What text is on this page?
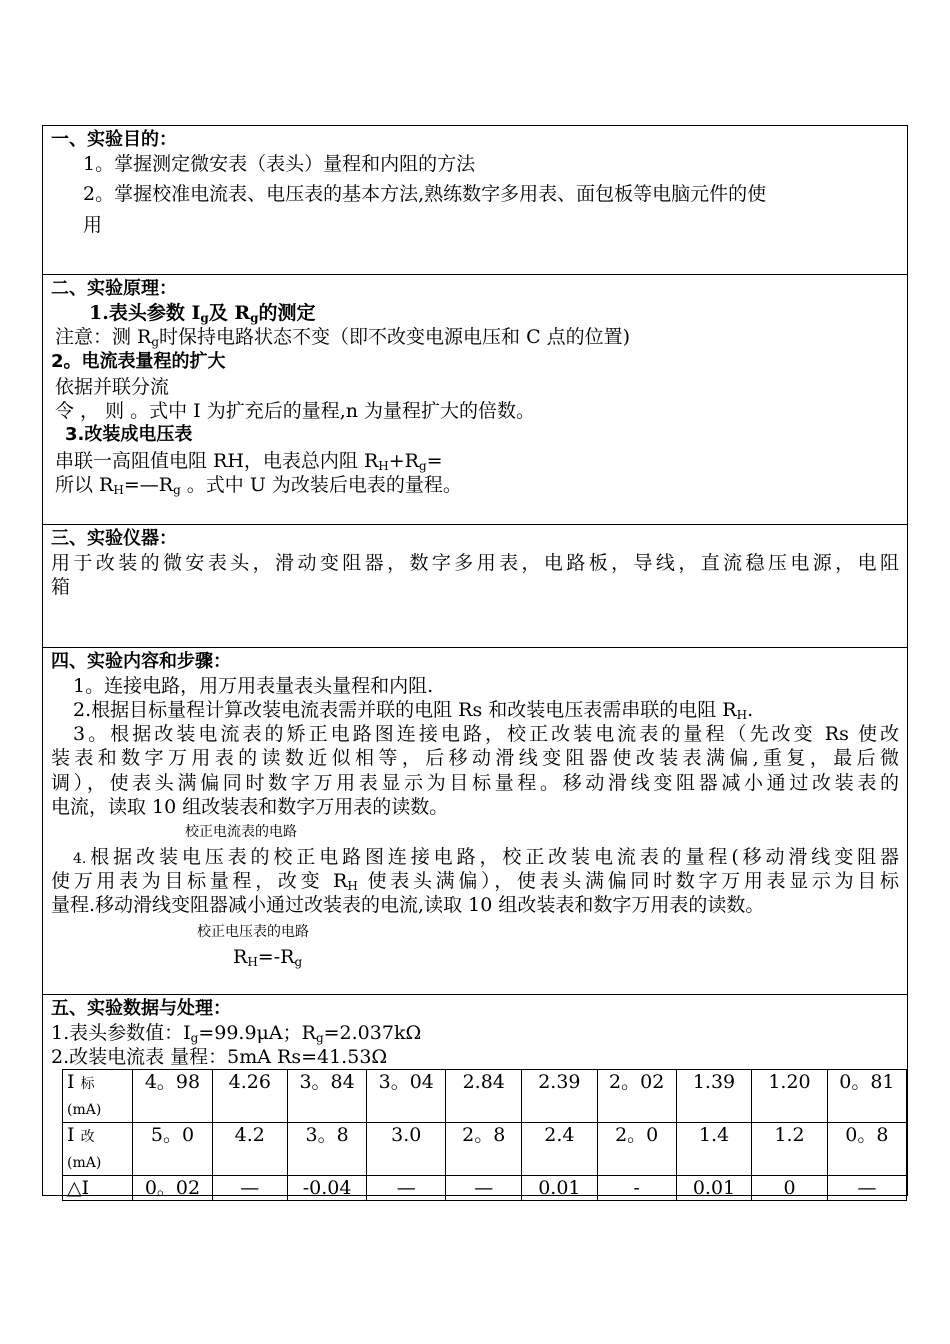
一、实验目的：
1。掌握测定微安表（表头）量程和内阻的方法
2。掌握校准电流表、电压表的基本方法,熟练数字多用表、面包板等电脑元件的使
用
二、实验原理：
1.表头参数 $I_g$及 $R_g$的测定
注意：测 $R_g$时保持电路状态不变（即不改变电源电压和 C 点的位置)
2。电流表量程的扩大
依据并联分流
令 ， 则 。式中 I 为扩充后的量程,n 为量程扩大的倍数。
3.改装成电压表
串联一高阻值电阻 RH，电表总内阻 $R_H+R_g=$
所以 $R_H=—R_g$ 。式中 U 为改装后电表的量程。
三、实验仪器：
用于改装的微安表头，滑动变阻器，数字多用表，电路板，导线，直流稳压电源，电阻
箱
四、实验内容和步骤：
1。连接电路，用万用表量表头量程和内阻.
2.根据目标量程计算改装电流表需并联的电阻 Rs 和改装电压表需串联的电阻 $R_H$.
3。根据改装电流表的矫正电路图连接电路，校正改装电流表的量程（先改变 Rs 使改
装表和数字万用表的读数近似相等，后移动滑线变阻器使改装表满偏,重复，最后微
调），使表头满偏同时数字万用表显示为目标量程。移动滑线变阻器减小通过改装表的
电流，读取 10 组改装表和数字万用表的读数。
校正电流表的电路
4.根据改装电压表的校正电路图连接电路，校正改装电流表的量程(移动滑线变阻器
使万用表为目标量程，改变 $R_H$ 使表头满偏），使表头满偏同时数字万用表显示为目标
量程.移动滑线变阻器减小通过改装表的电流,读取 10 组改装表和数字万用表的读数。
校正电压表的电路
$R_H=-R_g$
五、实验数据与处理：
1.表头参数值：$I_g=99.9\mu A$；$R_g=2.037k\Omega$
2.改装电流表 量程：5mA Rs=41.53Ω
I 标
(mA)	4。98	4.26	3。84	3。04	2.84	2.39	2。02	1.39	1.20	0。81
I 改
(mA)	5。0	4.2	3。8	3.0	2。8	2.4	2。0	1.4	1.2	0。8
△I	0。02	—	-0.04	—	—	0.01	-	0.01	0	—
